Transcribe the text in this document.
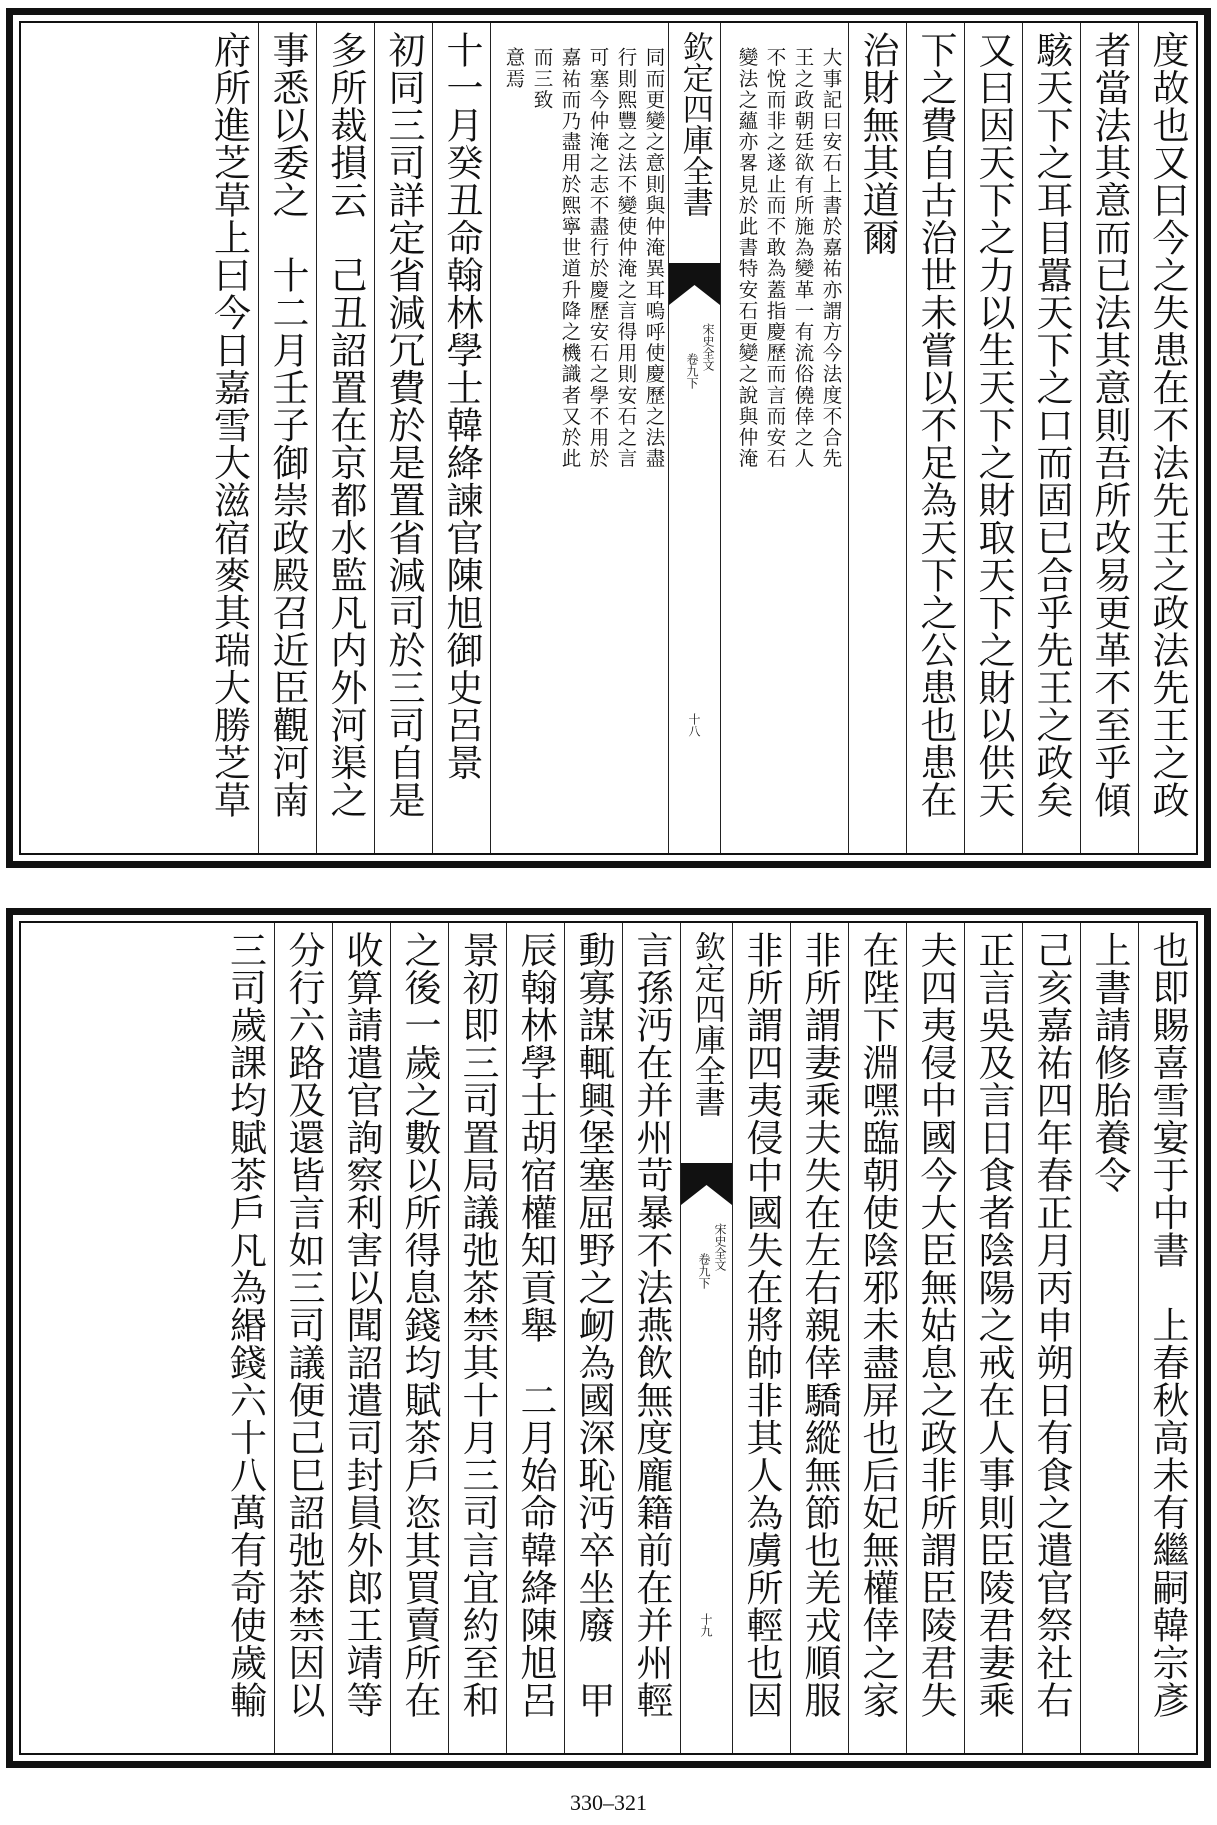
度故也又曰今之失患在不法先王之政法先王之政
者當法其意而已法其意則吾所改易更革不至乎傾
駭天下之耳目囂天下之口而固已合乎先王之政矣
又曰因天下之力以生天下之財取天下之財以供天
下之費自古治世未嘗以不足為天下之公患也患在
治財無其道爾
大事記曰安石上書於嘉祐亦謂方今法度不合先
王之政朝廷欲有所施為變革一有流俗僥倖之人
不悅而非之遂止而不敢為蓋指慶歷而言而安石
變法之蘊亦畧見於此書特安石更變之說與仲淹
欽定四庫全書
宋史全文
卷九下
十八
同而更變之意則與仲淹異耳嗚呼使慶歷之法盡
行則熙豐之法不變使仲淹之言得用則安石之言
可塞今仲淹之志不盡行於慶歷安石之學不用於
嘉祐而乃盡用於熙寧世道升降之機識者又於此
而三致
意焉
十一月癸丑命翰林學士韓絳諫官陳旭御史呂景
初同三司詳定省減冗費於是置省減司於三司自是
多所裁損云　己丑詔置在京都水監凡内外河渠之
事悉以委之　十二月壬子御崇政殿召近臣觀河南
府所進芝草上曰今日嘉雪大滋宿麥其瑞大勝芝草
也即賜喜雪宴于中書　上春秋高未有繼嗣韓宗彥
上書請修胎養令
己亥嘉祐四年春正月丙申朔日有食之遣官祭社右
正言吳及言日食者陰陽之戒在人事則臣陵君妻乘
夫四夷侵中國今大臣無姑息之政非所謂臣陵君失
在陛下淵嘿臨朝使陰邪未盡屏也后妃無權倖之家
非所謂妻乘夫失在左右親倖驕縱無節也羌戎順服
非所謂四夷侵中國失在將帥非其人為虜所輕也因
欽定四庫全書
宋史全文
卷九下
十九
言孫沔在并州苛暴不法燕飲無度龐籍前在并州輕
動寡謀輒興堡塞屈野之衂為國深恥沔卒坐廢　甲
辰翰林學士胡宿權知貢舉　二月始命韓絳陳旭呂
景初即三司置局議弛茶禁其十月三司言宜約至和
之後一歲之數以所得息錢均賦茶戶恣其買賣所在
收算請遣官詢察利害以聞詔遣司封員外郎王靖等
分行六路及還皆言如三司議便己巳詔弛茶禁因以
三司歲課均賦茶戶凡為緡錢六十八萬有奇使歲輸
330–321
